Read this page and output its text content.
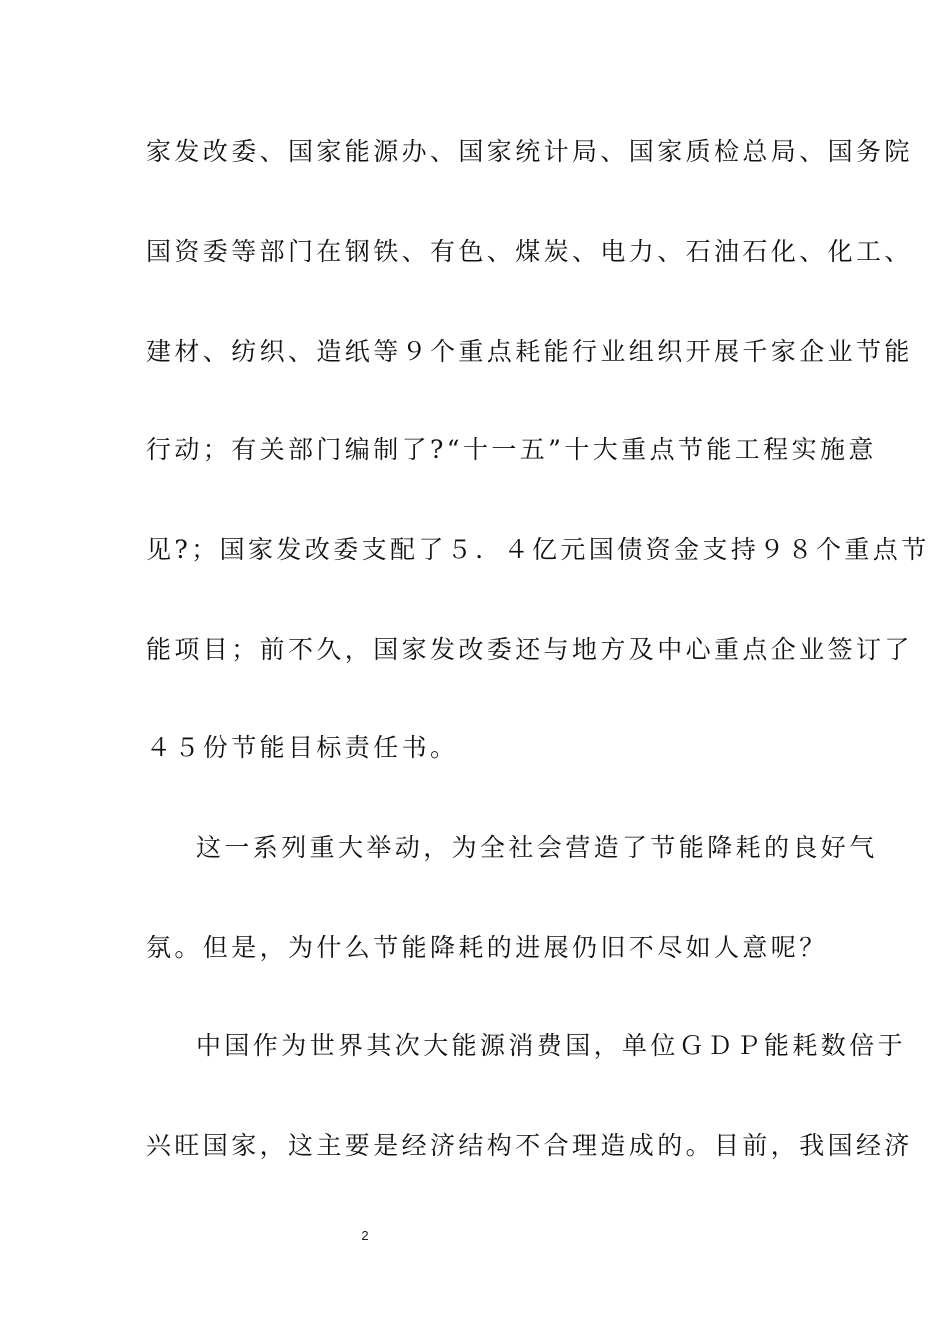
家发改委、国家能源办、国家统计局、国家质检总局、国务院
国资委等部门在钢铁、有色、煤炭、电力、石油石化、化工、
建材、纺织、造纸等９个重点耗能行业组织开展千家企业节能
行动；有关部门编制了?“十一五”十大重点节能工程实施意
见?；国家发改委支配了５．４亿元国债资金支持９８个重点节
能项目；前不久，国家发改委还与地方及中心重点企业签订了
４５份节能目标责任书。
这一系列重大举动，为全社会营造了节能降耗的良好气
氛。但是，为什么节能降耗的进展仍旧不尽如人意呢？
中国作为世界其次大能源消费国，单位ＧＤＰ能耗数倍于
兴旺国家，这主要是经济结构不合理造成的。目前，我国经济
2
